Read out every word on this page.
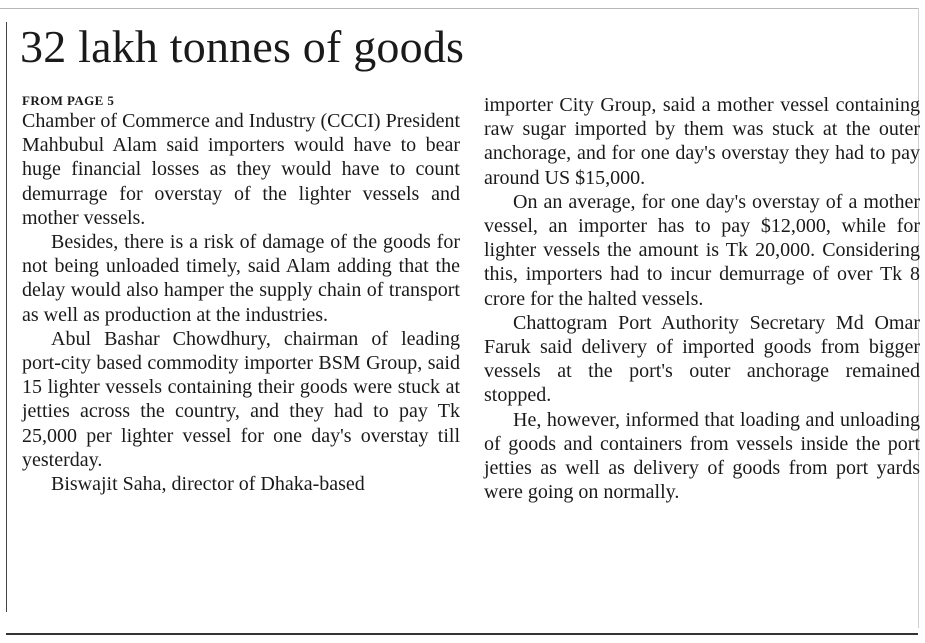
32 lakh tonnes of goods
FROM PAGE 5

Chamber of Commerce and Industry (CCCI) President Mahbubul Alam said importers would have to bear huge financial losses as they would have to count demurrage for overstay of the lighter vessels and mother vessels.

Besides, there is a risk of damage of the goods for not being unloaded timely, said Alam adding that the delay would also hamper the supply chain of transport as well as production at the industries.

Abul Bashar Chowdhury, chairman of leading port-city based commodity importer BSM Group, said 15 lighter vessels containing their goods were stuck at jetties across the country, and they had to pay Tk 25,000 per lighter vessel for one day's overstay till yesterday.

Biswajit Saha, director of Dhaka-based

importer City Group, said a mother vessel containing raw sugar imported by them was stuck at the outer anchorage, and for one day's overstay they had to pay around US $15,000.

On an average, for one day's overstay of a mother vessel, an importer has to pay $12,000, while for lighter vessels the amount is Tk 20,000. Considering this, importers had to incur demurrage of over Tk 8 crore for the halted vessels.

Chattogram Port Authority Secretary Md Omar Faruk said delivery of imported goods from bigger vessels at the port's outer anchorage remained stopped.

He, however, informed that loading and unloading of goods and containers from vessels inside the port jetties as well as delivery of goods from port yards were going on normally.
